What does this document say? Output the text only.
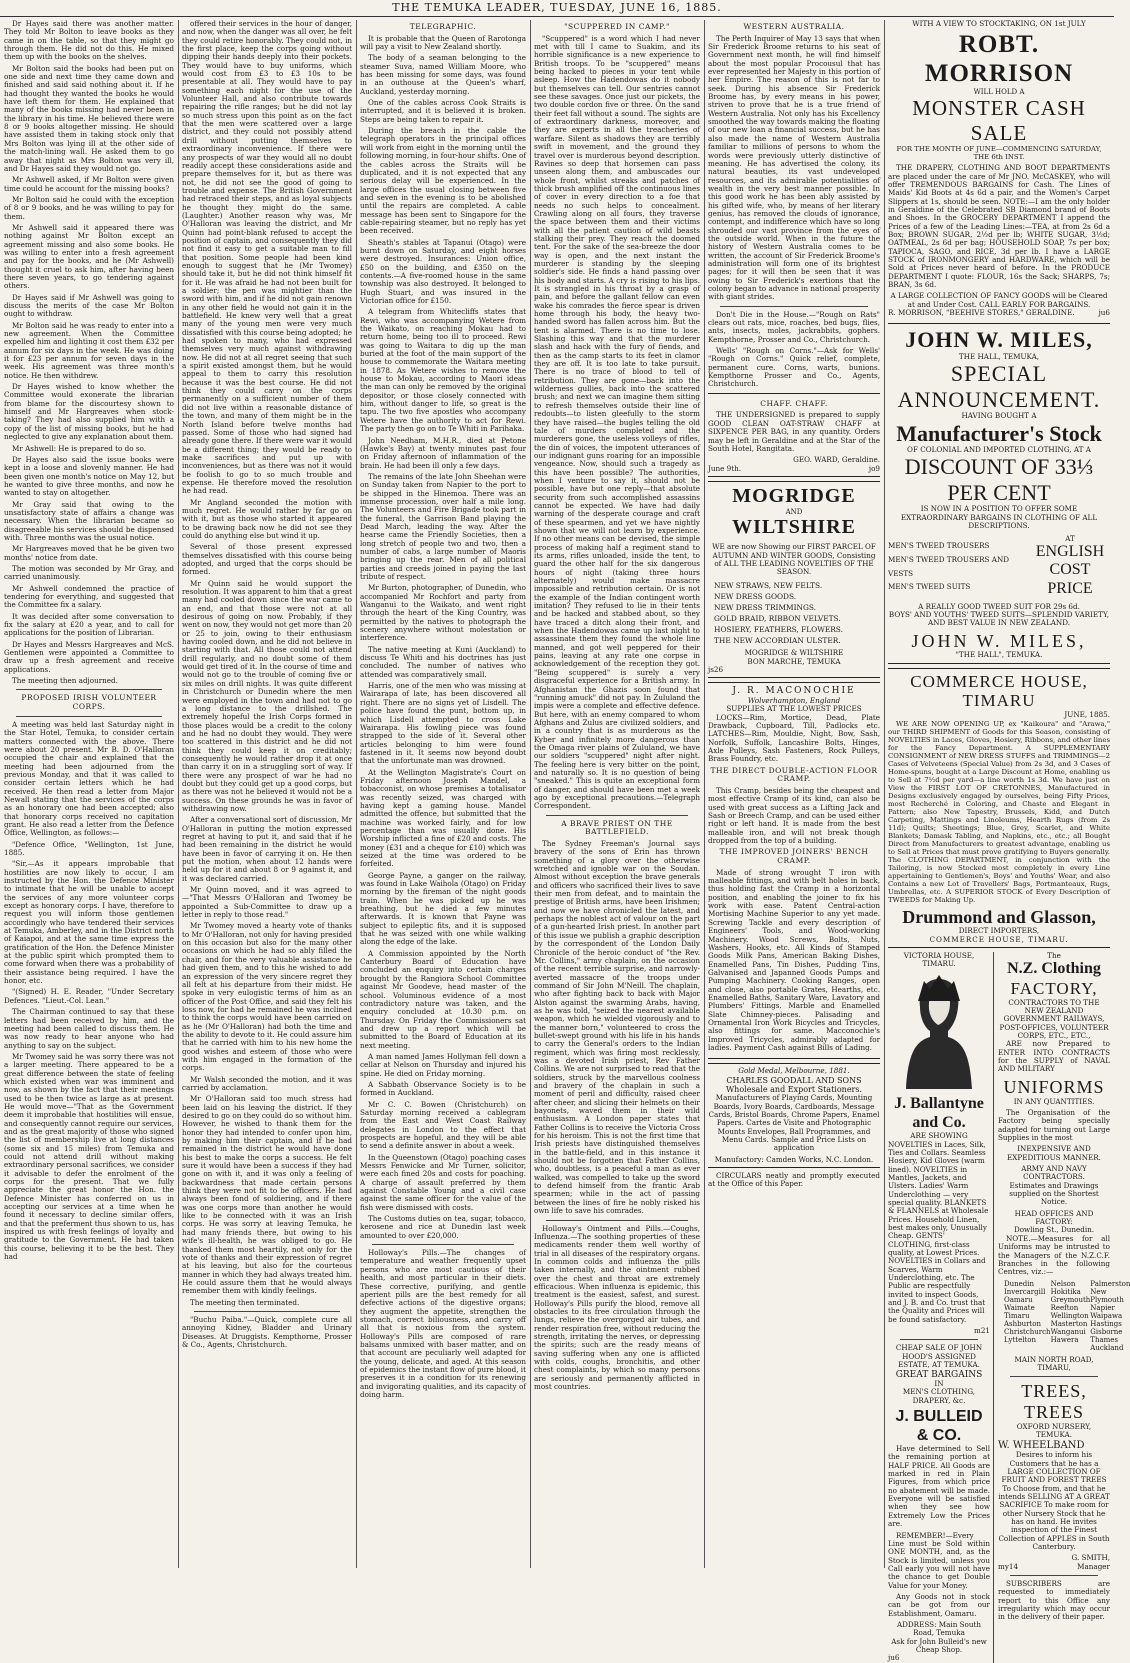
THE TEMUKA LEADER, TUESDAY, JUNE 16, 1885.

Dr Hayes said there was another matter. They told Mr Bolton to leave books as they came in on the table, so that they might go through them. He did not do this. He mixed them up with the books on the shelves.

Mr Bolton said the books had been put on one side and next time they came down and finished and said said nothing about it. If he had thought they wanted the books he would have left them for them. He explained that many of the books missing had never been in the library in his time. He believed there were 8 or 9 books altogether missing. He should have assisted them in taking stock only that Mrs Bolton was lying ill at the other side of the match-lining wall. He asked them to go away that night as Mrs Bolton was very ill, and Dr Hayes said they would not go.

Mr Ashwell asked, if Mr Bolton were given time could he account for the missing books?

Mr Bolton said he could with the exception of 8 or 9 books, and he was willing to pay for them.

Mr Ashwell said it appeared there was nothing against Mr Bolton except an agreement missing and also some books. He was willing to enter into a fresh agreement and pay for the books, and he (Mr Ashwell) thought it cruel to ask him, after having been there seven years, to go tendering against others.

Dr Hayes said if Mr Ashwell was going to discuss the merits of the case Mr Bolton ought to withdraw.

Mr Bolton said he was ready to enter into a new agreement. When the Committee expelled him and lighting it cost them £32 per annum for six days in the week. He was doing it for £23 per annum for seven days in the week. His agreement was three month's notice. He then withdrew.

Dr Hayes wished to know whether the Committee would exonerate the librarian from blame for the discourtesy shown to himself and Mr Hargreaves when stock-taking? They had also supplied him with a copy of the list of missing books, but he had neglected to give any explanation about them.

Mr Ashwell: He is prepared to do so.

Dr Hayes also said the issue books were kept in a loose and slovenly manner. He had been given one month's notice on May 12, but he wanted to give three months, and now he wanted to stay on altogether.

Mr Gray said that owing to the unsatisfactory state of affairs a change was necessary. When the librarian became so disagreeable his services should be dispensed with. Three months was the usual notice.

Mr Hargreaves moved that he be given two months' notice from date.

The motion was seconded by Mr Gray, and carried unanimously.

Mr Ashwell condemned the practice of tendering for everything, and suggested that the Committee fix a salary.

It was decided after some conversation to fix the salary at £20 a year, and to call for applications for the position of Librarian.

Dr Hayes and Messrs Hargreaves and McS. Gentlemen were appointed a Committee to draw up a fresh agreement and receive applications.

The meeting then adjourned.

PROPOSED IRISH VOLUNTEER CORPS.

A meeting was held last Saturday night in the Star Hotel, Temuka, to consider certain matters connected with the above. There were about 20 present. Mr B. D. O'Halloran occupied the chair and explained that the meeting had been adjourned from the previous Monday, and that it was called to consider certain letters which he had received. He then read a letter from Major Newall stating that the services of the corps as an honorary one had been accepted; also that honorary corps received no capitation grant. He also read a letter from the Defence Office, Wellington, as follows:—

"Defence Office, "Wellington, 1st June, 1885.

"Sir,—As it appears improbable that hostilities are now likely to occur, I am instructed by the Hon. the Defence Minister to intimate that he will be unable to accept the services of any more volunteer corps except as honorary corps. I have, therefore to request you will inform those gentlemen accordingly who have tendered their services at Temuka, Amberley, and in the District north of Kaiapoi, and at the same time express the gratification of the Hon. the Defence Minister at the public spirit which prompted them to come forward when there was a probability of their assistance being required. I have the honor, etc.

"(Signed) H. E. Reader, "Under Secretary Defences. "Lieut.-Col. Lean."

The Chairman continued to say that these letters had been received by him, and the meeting had been called to discuss them. He was now ready to hear anyone who had anything to say on the subject.

Mr Twomey said he was sorry there was not a larger meeting. There appeared to be a great difference between the state of feeling which existed when war was imminent and now, as shown by the fact that their meetings used to be then twice as large as at present. He would move—"That as the Government deem it improbable that hostilities will ensue, and consequently cannot require our services, and as the great majority of those who signed the list of membership live at long distances (some six and 15 miles) from Temuka and could not attend drill without making extraordinary personal sacrifices, we consider it advisable to defer the enrolment of the corps for the present. That we fully appreciate the great honor the Hon. the Defence Minister has conferred on us in accepting our services at a time when he found it necessary to decline similar offers, and that the preferment thus shown to us, has inspired us with fresh feelings of loyalty and gratitude to the Government. He had taken this course, believing it to be the best. They had

offered their services in the hour of danger, and now, when the danger was all over, he felt they could retire honorably. They could not, in the first place, keep the corps going without dipping their hands deeply into their pockets. They would have to buy uniforms, which would cost from £3 to £3 10s to be presentable at all. They would have to pay something each night for the use of the Volunteer Hall, and also contribute towards repairing the rifle ranges; but he did not lay so much stress upon this point as on the fact that the men were scattered over a large district, and they could not possibly attend drill without putting themselves to extraordinary inconvenience. If there were any prospects of war they would all no doubt readily accept these considerations aside and prepare themselves for it, but as there was not, he did not see the good of going to trouble and expense. The British Government had retraced their steps, and as loyal subjects he thought they might do the same. (Laughter.) Another reason why was, Mr O'Halloran was leaving the district, and Mr Quinn had point-blank refused to accept the position of captain, and consequently they did not find it easy to get a suitable man to fill that position. Some people had been kind enough to suggest that he (Mr Twomey) should take it, but he did not think himself fit for it. He was afraid he had not been built for a soldier; the pen was mightier than the sword with him, and if he did not gain renown in any other field he would not gain it in the battlefield. He knew very well that a great many of the young men were very much dissatisfied with this course being adopted; he had spoken to many, who had expressed themselves very much against withdrawing now. He did not at all regret seeing that such a spirit existed amongst them, but he would appeal to them to carry this resolution because it was the best course. He did not think they could carry on the corps permanently on a sufficient number of them did not live within a reasonable distance of the town, and many of them might be in the North Island before twelve months had passed. Some of those who had signed had already gone there. If there were war it would be a different thing; they would be ready to make sacrifices and put up with inconveniences, but as there was not it would be foolish to go to so much trouble and expense. He therefore moved the resolution he had read.

Mr Angland seconded the motion with much regret. He would rather by far go on with it, but as those who started it appeared to be drawing back now he did not see they could do anything else but wind it up.

Several of those present expressed themselves dissatisfied with this course being adopted, and urged that the corps should be formed.

Mr Quinn said he would support the resolution. It was apparent to him that a great many had cooled down since the war came to an end, and that those were not at all desirous of going on now. Probably, if they went on now, they would not get more than 20 or 25 to join, owing to their enthusiasm having cooled down, and he did not believe in starting with that. All those could not attend drill regularly, and no doubt some of them would get tired of it. In the course of time and would not go to the trouble of coming five or six miles on drill nights. It was quite different in Christchurch or Dunedin where the men were employed in the town and had not to go a long distance to the drillshed. The extremely hopeful the Irish Corps formed in those places would be a credit to the colony and he had no doubt they would. They were too scattered in this district and he did not think they could keep it on creditably; consequently he would rather drop it at once than carry it on in a struggling sort of way. If there were any prospect of war he had no doubt but they could get up a good corps, but as there was not he believed it would not be a success. On these grounds he was in favor of withdrawing now.

After a conversational sort of discussion, Mr O'Halloran in putting the motion expressed regret at having to put it, and said that if he had been remaining in the district he would have been in favor of carrying it on. He then put the motion, when about 12 hands were held up for it and about 8 or 9 against it, and it was declared carried.

Mr Quinn moved, and it was agreed to—"That Messrs O'Halloran and Twomey be appointed a Sub-Committee to draw up a letter in reply to those read."

Mr Twomey moved a hearty vote of thanks to Mr O'Halloran, not only for having presided on this occasion but also for the many other occasions on which he had so ably filled the chair, and for the very valuable assistance he had given them, and to this he wished to add an expression of the very sincere regret they all felt at his departure from their midst. He spoke in very eulogistic terms of him as an officer of the Post Office, and said they felt his loss now, for had he remained he was inclined to think the corps would have been carried on as he (Mr O'Halloran) had both the time and the ability to devote to it. He could assure him that he carried with him to his new home the good wishes and esteem of those who were with him engaged in the formation of the corps.

Mr Walsh seconded the motion, and it was carried by acclamation.

Mr O'Halloran said too much stress had been laid on his leaving the district. If they desired to go on they could do so without him. However, he wished to thank them for the honor they had intended to confer upon him, by making him their captain, and if he had remained in the district he would have done his best to make the corps a success. He felt sure it would have been a success if they had gone on with it, and it was only a feeling of backwardness that made certain persons think they were not fit to be officers. He had always been fond of soldiering, and if there was one corps more than another he would like to be connected with it was an Irish corps. He was sorry at leaving Temuka, he had many friends there, but owing to his wife's ill-health, he was obliged to go. He thanked them most heartily, not only for the vote of thanks and their expression of regret at his leaving, but also for the courteous manner in which they had always treated him. He could assure them that he would always remember them with kindly feelings.

The meeting then terminated.

"Buchu Paiba."—Quick, complete cure all annoying Kidney, Bladder and Urinary Diseases. At Druggists. Kempthorne, Prosser & Co., Agents, Christchurch.

TELEGRAPHIC.

It is probable that the Queen of Rarotonga will pay a visit to New Zealand shortly.

The body of a seaman belonging to the steamer Suva, named William Moore, who has been missing for some days, was found in an outhouse at the Queen's wharf, Auckland, yesterday morning.

One of the cables across Cook Straits is interrupted, and it is believed it is broken. Steps are being taken to repair it.

During the breach in the cable the telegraph operators in the principal offices will work from eight in the morning until the following morning, in four-hour shifts. One of the cables across the Straits will be duplicated, and it is not expected that any serious delay will be experienced. In the large offices the usual closing between five and seven in the evening is to be abolished until the repairs are completed. A cable message has been sent to Singapore for the cable-repairing steamer, but no reply has yet been received.

Sheath's stables at Tapanui (Otago) were burnt down on Saturday, and eight horses were destroyed. Insurances: Union office, £50 on the building, and £350 on the contents.—A five-roomed house in the same township was also destroyed. It belonged to Hugh Stuart, and was insured in the Victorian office for £150.

A telegram from Whitecliffs states that Rewi, who was accompanying Wetere from the Waikato, on reaching Mokau had to return home, being too ill to proceed. Rewi was going to Waitara to dig up the man buried at the foot of the main support of the house to commemorate the Waitara meeting in 1878. As Wetere wishes to remove the house to Mokau, according to Maori ideas the man can only be removed by the original depositor, or those closely connected with him, without danger to life, so great is the tapu. The two five apostles who accompany Wetere have the authority to act for Rewi. The party then go on to Te Whiti in Parihaka.

John Needham, M.H.R., died at Petone (Hawke's Bay) at twenty minutes past four on Friday afternoon of inflammation of the brain. He had been ill only a few days.

The remains of the late John Sheehan were on Sunday taken from Napier to the port to be shipped in the Hinemoa. There was an immense procession, over half a mile long. The Volunteers and Fire Brigade took part in the funeral, the Garrison Band playing the Dead March, leading the way. After the hearse came the Friendly Societies, then a long stretch of people two and two, then a number of cabs, a large number of Maoris bringing up the rear. Men of all political parties and creeds joined in paying the last tribute of respect.

Mr Burton, photographer, of Dunedin, who accompanied Mr Rochfort and party from Wanganui to the Waikato, and went right through the heart of the King Country, was permitted by the natives to photograph the scenery anywhere without molestation or interference.

The native meeting at Kuni (Auckland) to discuss Te Whiti and his doctrines has just concluded. The number of natives who attended was comparatively small.

Harris, one of the men who was missing at Wairarapa of late, has been discovered all right. There are no signs yet of Lisdell. The police have found the punt, bottom up, in which Lisdell attempted to cross Lake Wairarapa. His fowling piece was found strapped to the side of it. Several other articles belonging to him were found fastened in it. It seems now beyond doubt that the unfortunate man was drowned.

At the Wellington Magistrate's Court on Friday afternoon Joseph Mandel, a tobacconist, on whose premises a totalisator was recently seized, was charged with having kept a gaming house. Mandel admitted the offence, but submitted that the machine was worked fairly, and for low percentage than was usually done. His Worship inflicted a fine of £20 and costs. The money (£31 and a cheque for £10) which was seized at the time was ordered to be forfeited.

George Payne, a ganger on the railway, was found in Lake Waihola (Otago) on Friday morning by the fireman of the night goods train. When he was picked up he was breathing, but he died a few minutes afterwards. It is known that Payne was subject to epileptic fits, and it is supposed that he was seized with one while walking along the edge of the lake.

A Commission appointed by the North Canterbury Board of Education have concluded an enquiry into certain charges brought by the Rangiora School Committee against Mr Goodeve, head master of the school. Voluminous evidence of a most contradictory nature was taken, and the enquiry concluded at 10.30 p.m. on Thursday. On Friday the Commissioners sat and drew up a report which will be submitted to the Board of Education at its next meeting.

A man named James Hollyman fell down a cellar at Nelson on Thursday and injured his spine. He died on Friday morning.

A Sabbath Observance Society is to be formed in Auckland.

Mr C. C. Bowen (Christchurch) on Saturday morning received a cablegram from the East and West Coast Railway delegates in London to the effect that prospects are hopeful, and they will be able to send a definite answer in about a week.

In the Queenstown (Otago) poaching cases Messrs Fenwicke and Mr Turner, solicitor, were each fined 20s and costs for poaching. A charge of assault preferred by them against Constable Young and a civil case against the same officer for the value of the fish were dismissed with costs.

The Customs duties on tea, sugar, tobacco, kerosene and rice at Dunedin last week amounted to over £20,000.

Holloway's Pills.—The changes of temperature and weather frequently upset persons who are most cautious of their health, and most particular in their diets. These corrective, purifying, and gentle aperient pills are the best remedy for all defective actions of the digestive organs; they augment the appetite, strengthen the stomach, correct biliousness, and carry off all that is noxious from the system. Holloway's Pills are composed of rare balsams unmixed with baser matter, and on that account are peculiarly well adapted for the young, delicate, and aged. At this season of epidemics the instant flow of pure blood, it preserves it in a condition for its renewing and invigorating qualities, and its capacity of doing harm.

"SCUPPERED IN CAMP."

"Scuppered" is a word which I had never met with till I came to Suakim, and its horrible significance is a new experience to British troops. To be "scuppered" means being hacked to pieces in your tent while asleep. How the Hadendowas do it nobody but themselves can tell. Our sentries cannot see these savages. Once just our pickets, the two double cordon five or three. On the sand their feet fall without a sound. The sights are of extraordinary darkness, moreover, and they are experts in all the treacheries of warfare. Silent as shadows they are terribly swift in movement, and the ground they travel over is murderous beyond description. Ravines so deep that horsemen can pass unseen along them, and ambuscades our whole front, whilst streaks and patches of thick brush amplified off the continuous lines of cover in every direction to a foe that needs no such helps to concealment. Crawling along on all fours, they traverse the space between them and their victims with all the patient caution of wild beasts stalking their prey. They reach the doomed tent. For the sake of the sea-breeze the door way is open, and the next instant the murderer is standing by the sleeping soldier's side. He finds a hand passing over his body and starts. A cry is rising to his lips. It is strangled in his throat by a grasp of pain, and before the gallant fellow can even wake his comrades the fierce spear is driven home through his body, the heavy two-handed sword has fallen across him. But the tent is alarmed. There is no time to lose. Slashing this way and that the murderer slash and hack with the fury of fiends, and then as the camp starts to its feet in clamor they are off. It is too late to take pursuit. There is no trace of blood to tell of retribution. They are gone—back into the wilderness gullies, back into the scattered brush; and next we can imagine them sitting to refresh themselves outside their line of redoubts—to listen gleefully to the storm they have raised—the bugles telling the old tale of murders completed and the murderers gone, the useless volleys of rifles, the din of voices, the impotent utterances of our indignant guns roaring for an impossible vengeance. Now, should such a tragedy as this have been possible? The authorities, when I venture to say it, should not be possible, have but one reply—that absolute security from such accomplished assassins cannot be expected. We have had daily warning of the desperate courage and craft of these spearmen, and yet we have nightly shown that we will not learn by experience. If no other means can be devised, the simple process of making half a regiment stand to its arms, rifles unloaded, inside the tent, to guard the other half for the six dangerous hours of night (taking three hours alternately) would make massacre impossible and retribution certain. Or is not the example of the Indian contingent worth imitation? They refused to lie in their tents and be hacked and stabbed about, so they have traced a ditch along their front, and when the Hadendowas came up last night to assassinate them they found the whole line manned, and got well peppered for their pains, leaving at any rate one corpse in acknowledgement of the reception they got. "Being scuppered" is surely a very disgraceful experience for a British army. In Afghanistan the Ghazis soon found that "running amuck" did not pay. In Zululand the impis were a complete and effective defence. But here, with an enemy compared to whom Afghans and Zulus are civilized soldiers, and in a country that is as murderous as the Kyber and infinitely more dangerous than the Omaga river plains of Zululand, we have our soldiers "scuppered" night after night. The feeling here is very bitter on the point, and naturally so. It is no question of being "sneaked." This is quite an exceptional form of danger, and should have been met a week ago by exceptional precautions.—Telegraph Correspondent.

A BRAVE PRIEST ON THE BATTLEFIELD.

The Sydney Freeman's Journal says bravery of the sons of Erin has thrown something of a glory over the otherwise wretched and ignoble war on the Soudan. Almost without exception the brave generals and officers who sacrificed their lives to save their men from defeat, and to maintain the prestige of British arms, have been Irishmen; and now we have chronicled the latest, and perhaps the noblest act of valour on the part of a gun-hearted Irish priest. In another part of this issue we publish a graphic description by the correspondent of the London Daily Chronicle of the heroic conduct of "the Rev. Mr. Collins," army chaplain, on the occasion of the recent terrible surprise, and narrowly-averted massacre of the troops under command of Sir John M'Neill. The chaplain, who after fighting back to back with Major Alston against the swarming Arabs, having, as he was told, "seized the nearest available weapon, which he wielded vigorously and to the manner born," volunteered to cross the bullet-swept ground with his life in his hands to carry the General's orders to the Indian regiment, which was firing most recklessly, was a devoted Irish priest, Rev Father Collins. We are not surprised to read that the soldiers, struck by the marvellous coolness and bravery of the chaplain in such a moment of peril and difficulty, raised cheer after cheer, and slicing their helmets on their bayonets, waved them in their wild enthusiasm. A London paper states that Father Collins is to receive the Victoria Cross for his heroism. This is not the first time that Irish priests have distinguished themselves in the battle-field, and in this instance it should not be forgotten that Father Collins, who, doubtless, is a peaceful a man as ever walked, was compelled to take up the sword to defend himself from the frantic Arab spearmen; while in the act of passing between the lines of fire he nobly risked his own life to save his comrades.

Holloway's Ointment and Pills.—Coughs, Influenza.—The soothing properties of these medicaments render them well worthy of trial in all diseases of the respiratory organs. In common colds and influenza the pills taken internally, and the ointment rubbed over the chest and throat are extremely efficacious. When influenza is epidemic, this treatment is the easiest, safest, and surest. Holloway's Pills purify the blood, remove all obstacles to its free circulation through the lungs, relieve the overgorged air tubes, and render respiration free, without reducing the strength, irritating the nerves, or depressing the spirits; such are the ready means of saving suffering when any one is afflicted with colds, coughs, bronchitis, and other chest complaints, by which so many persons are seriously and permanently afflicted in most countries.

WESTERN AUSTRALIA.

The Perth Inquirer of May 13 says that when Sir Frederick Broome returns to his seat of Government next month, he will find himself about the most popular Procousul that has ever represented her Majesty in this portion of her Empire. The reason of this is not far to seek. During his absence Sir Frederick Broome has, by every means in his power, striven to prove that he is a true friend of Western Australia. Not only has his Excellency smoothed the way towards making the floating of our new loan a financial success, but he has also made the name of Western Australia familiar to millions of persons to whom the words were previously utterly distinctive of meaning. He has advertised the colony, its natural beauties, its vast undeveloped resources, and its admirable potentialities of wealth in the very best manner possible. In this good work he has been ably assisted by his gifted wife, who, by means of her literary genius, has removed the clouds of ignorance, contempt, and indifference which have so long shrouded our vast province from the eyes of the outside world. When in the future the history of Western Australia comes to be written, the account of Sir Frederick Broome's administration will form one of its brightest pages; for it will then be seen that it was owing to Sir Frederick's exertions that the colony began to advance in national prosperity with giant strides.

Don't Die in the House.—"Rough on Rats" clears out rats, mice, roaches, bed bugs, flies, ants, insects, moles, jackrabbits, gophers. Kempthorne, Prosser and Co., Christchurch.

Wells' "Rough on Corns."—Ask for Wells' "Rough on Corns." Quick relief, complete, permanent cure. Corns, warts, bunions. Kempthorne Prosser and Co., Agents, Christchurch.

CHAFF. CHAFF.

THE UNDERSIGNED is prepared to supply GOOD CLEAN OAT-STRAW CHAFF at SIXPENCE PER BAG, in any quantity. Orders may be left in Geraldine and at the Star of the South Hotel, Rangitata.

GEO. WARD, Geraldine.
June 9th.	jo9
MOGRIDGE
AND
WILTSHIRE

WE are now Showing our FIRST PARCEL OF AUTUMN AND WINTER GOODS, Consisting of ALL THE LEADING NOVELTIES OF THE SEASON.

NEW STRAWS, NEW FELTS.
NEW DRESS GOODS.
NEW DRESS TRIMMINGS.
GOLD BRAID, RIBBON VELVETS.
HOSIERY, FEATHERS, FLOWERS.
THE NEW ACCORDIAN ULSTER.
MOGRIDGE & WILTSHIRE
BON MARCHE, TEMUKA
js26
J. R. MACONOCHIE
Wolverhampton, England
SUPPLIES AT THE LOWEST PRICES

LOCKS—Rim, Mortice, Dead, Plate Drawback, Cupboard, Till, Padlocks etc. LATCHES—Rim, Mouldie, Night, Bow, Sash, Norfolk, Suffolk, Lancashire Bolts, Hinges, Axle Pulleys, Sash Fasteners, Rock Pulleys, Brass Foundry, etc.

THE DIRECT DOUBLE-ACTION FLOOR CRAMP.

This Cramp, besides being the cheapest and most effective Cramp of its kind, can also be used with great success as a Lifting Jack and Sash or Breech Cramp, and can be used either right or left hand. It is made from the best malleable iron, and will not break though dropped from the top of a building.

THE IMPROVED JOINERS' BENCH CRAMP.

Made of strong wrought T iron with malleable fittings, and with belt holes in back, thus holding fast the Cramp in a horizontal position, and enabling the joiner to fix his work with ease. Patent Central-action Mortising Machine Superior to any yet made. Screwing Tackle and every description of Engineers' Tools, and Wood-working Machinery. Wood Screws, Bolts, Nuts, Washers, Hooks, etc. All Kinds of Stamped Goods Milk Pans, American Baking Dishes, Enamelled Pans, Tin Dishes, Pudding Tins, Galvanised and Japanned Goods Pumps and Pumping Machinery. Cooking Ranges, open and close, also portable Grates, Hearths, etc. Enamelled Baths, Sanitary Ware, Lavatory and Plumbers' Fittings. Marble and Enamelled Slate Chimney-pieces. Palisading and Ornamental Iron Work Bicycles and Tricycles, also fittings for same. Macconochie's Improved Tricycles, admirably adapted for ladies. Payment Cash against Bills of Lading.

Gold Medal, Melbourne, 1881.
CHARLES GOODALL AND SONS Wholesale and Export Stationers.

Manufacturers of Playing Cards, Mounting Boards, Ivory Boards, Cardboards, Message Cards, Bristol Boards, Chrome Papers, Enamel Papers. Cartes de Visite and Photographic Mounts Envelopes, Ball Programmes, and Menu Cards. Sample and Price Lists on application

Manufactory: Camden Works, N.C. London.

CIRCULARS neatly and promptly executed at the Office of this Paper.

WITH A VIEW TO STOCKTAKING, ON 1st JULY
ROBT. MORRISON
WILL HOLD A
MONSTER CASH SALE
FOR THE MONTH OF JUNE—COMMENCING SATURDAY, THE 6th INST.

THE DRAPERY, CLOTHING AND BOOT DEPARTMENTS are placed under the care of Mr JNO. McCASKEY, who will offer TREMENDOUS BARGAINS for Cash. The Lines of Maids' Kid Boots at 4s 6d a pair, and the Women's Carpet Slippers at 1s, should be seen. NOTE:—I am the only holder in Geraldine of the Celebrated SB Diamond brand of Boots and Shoes. In the GROCERY DEPARTMENT I append the Prices of a few of the Leading Lines:—TEA, at from 2s 6d a Box; BROWN SUGAR, 2½d per lb; WHITE SUGAR, 3½d; OATMEAL, 2s 6d per bag; HOUSEHOLD SOAP, 7s per box; TAPIOCA, SAGO, and RICE, 3d per lb. I have a LARGE STOCK of IRONMONGERY and HARDWARE, which will be Sold at Prices never heard of before. In the PRODUCE DEPARTMENT I quote: FLOUR, 16s the Sack; SHARPS, 7s; BRAN, 3s 6d.

A LARGE COLLECTION OF FANCY GOODS will be Cleared at and Under Cost. CALL EARLY FOR BARGAINS.
R. MORRISON, "BEEHIVE STORES," GERALDINE.	ju6
JOHN W. MILES,
THE HALL, TEMUKA,
SPECIAL ANNOUNCEMENT.
HAVING BOUGHT A
Manufacturer's Stock
OF COLONIAL AND IMPORTED CLOTHING, AT A
DISCOUNT OF 33⅓ PER CENT
IS NOW IN A POSITION TO OFFER SOME EXTRAORDINARY BARGAINS IN CLOTHING OF ALL DESCRIPTIONS.
MEN'S TWEED TROUSERS
MEN'S TWEED TROUSERS AND VESTS
MEN'S TWEED SUITS
AT
ENGLISH
COST PRICE
A REALLY GOOD TWEED SUIT FOR 29s 6d.
BOYS' AND YOUTHS' TWEED SUITS—SPLENDID VARIETY, AND BEST VALUE IN NEW ZEALAND.
JOHN W. MILES,
"THE HALL", TEMUKA.
COMMERCE HOUSE, TIMARU
JUNE, 1885.

WE ARE NOW OPENING UP, ex "Kaikoura" and "Arawa," our THIRD SHIPMENT of Goods for this Season, consisting of NOVELTIES in Laces, Gloves, Hosiery, Ribbons, and other lines for the Fancy Department. A SUPPLEMENTARY CONSIGNMENT of NEW DRESS STUFFS and TRIMMINGS—2 Cases of Velveteens (Special Value) from 2s 3d, and 3 Cases of Home-spuns, bought at a Large Discount at Home, enabling us to Sell at 7½d per yard—a line worth 1s 3d. We have just on View the FIRST LOT OF CRETONNES, Manufactured in Designs exclusively engaged by ourselves, being Fifty Prices, most Recherché in Coloring, and Chaste and Elegant in Pattern; also New Tapestry, Brussels, Kidd, and Dutch Carpeting, Mattings and Linoleums, Hearth Rugs (from 2s 11d); Quilts; Sheetings; Blue, Grey, Scarlet, and White Blankets; Damask Tabling, and Napkins, etc., etc.; all Bought Direct from Manufacturers to greatest advantage, enabling us to Sell at Prices that must prove gratifying to Buyers generally. The CLOTHING DEPARTMENT, in conjunction with the Tailoring, is now Stocked most completely in every Line appertaining to Gentlemen's, Boys' and Youths' Wear, and also Contains a new Lot of Travellers' Bags, Portmanteaux, Rugs, Umbrellas, etc. A SUPERIOR STOCK of Every Description of TWEEDS for Making Up.

Drummond and Glasson,
DIRECT IMPORTERS,
COMMERCE HOUSE, TIMARU.
VICTORIA HOUSE, TIMARU.
J. Ballantyne
and Co.
ARE SHOWING

NOVELTIES in Laces, Silk, Ties and Collars. Seamless Hosiery, Kid Gloves (warm lined). NOVELTIES in Mantles, Jackets, and Ulsters. Ladies' Warm Underclothing — very special quality. BLANKETS & FLANNELS at Wholesale Prices. Household Linen, best makes only, Unusually Cheap. GENTS' CLOTHING, first-class quality, at Lowest Prices. NOVELTIES in Collars and Scarves, Warm Underclothing, etc. The Public are respectfully invited to inspect Goods, and J. B. and Co. trust that the Quality and Prices will be found satisfactory.

m21
CHEAP SALE OF JOHN HOOD'S ASSIGNED ESTATE, AT TEMUKA.
GREAT BARGAINS
IN
MEN'S CLOTHING, DRAPERY, &c.
J. BULLEID & CO.

Have determined to Sell the remaining portion at HALF PRICE. All Goods are marked in red in Plain Figures, from which price no abatement will be made. Everyone will be satisfied when they see how Extremely Low the Prices are.

REMEMBER!—Every Line must be Sold within ONE MONTH, and, as the Stock is limited, unless you Call early you will not have the chance to get Double Value for your Money.

Any Goods not in stock can be got from our Establishment, Oamaru.

ADDRESS: Main South Road, Temuka
Ask for John Bulleid's new Cheap Shop.
ju6
The
N.Z. Clothing
FACTORY,
CONTRACTORS TO THE NEW ZEALAND GOVERNMENT RAILWAYS, POST-OFFICES, VOLUNTEER CORPS, ETC., ETC.,

ARE now Prepared to ENTER INTO CONTRACTS for the SUPPLY of NAVAL AND MILITARY

UNIFORMS
IN ANY QUANTITIES.

The Organisation of the Factory being specially adapted for turning out Large Supplies in the most

INEXPENSIVE AND EXPEDITIOUS MANNER.
ARMY AND NAVY CONTRACTORS.
Estimates and Drawings supplied on the Shortest Notice.
HEAD OFFICES AND FACTORY:
Dowling St., Dunedin.

NOTE.—Measures for all Uniforms may be intrusted to the Managers of the N.Z.C.F. Branches in the following Centres, viz.:—

Dunedin
Invercargill
Oamaru
Waimate
Timaru
Ashburton
Christchurch
Lyttelton
Nelson
Hokitika
Greymouth
Reefton
Wellington
Masterton
Wanganui
Hawera
Palmerston
New Plymouth
Napier
Waipawa
Hastings
Gisborne
Thames
Auckland
MAIN NORTH ROAD, TIMARU,
TREES, TREES
OXFORD NURSERY, TEMUKA.
W. WHEELBAND

Desires to inform his Customers that he has a LARGE COLLECTION OF FRUIT AND FOREST TREES To Choose from, and that he intends SELLING AT A GREAT SACRIFICE To make room for other Nursery Stock that he has on hand. He invites inspection of the Finest Collection of APPLES in South Canterbury.

G. SMITH,
my14	Manager

SUBSCRIBERS are requested to immediately report to this Office any irregularity which may occur in the delivery of their paper.
